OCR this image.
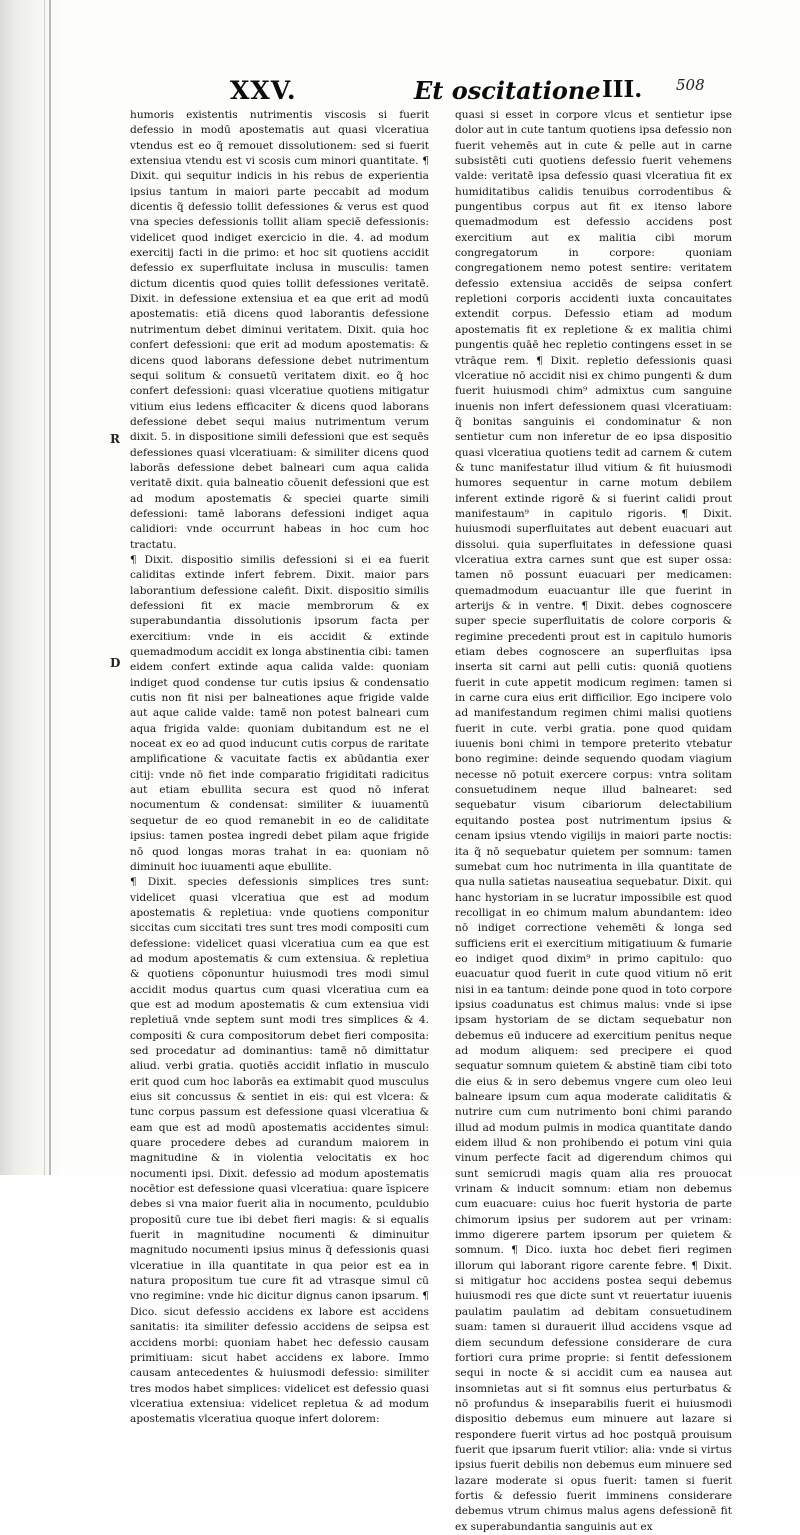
XXV.	Et oscitatione III. 508
R
D

humoris existentis nutrimentis viscosis si fuerit defessio in modū apostematis aut quasi vlceratiua vtendus est eo q̃ remouet dissolutionem: sed si fuerit extensiua vtendu est vi scosis cum minori quantitate. ¶ Dixit. qui sequitur indicis in his rebus de experientia ipsius tantum in maiori parte peccabit ad modum dicentis q̃ defessio tollit defessiones & verus est quod vna species defessionis tollit aliam speciē defessionis: videlicet quod indiget exercicio in die. 4. ad modum exercitij facti in die primo: et hoc sit quotiens accidit defessio ex superfluitate inclusa in musculis: tamen dictum dicentis quod quies tollit defessiones veritatē. Dixit. in defessione extensiua et ea que erit ad modū apostematis: etiā dicens quod laborantis defessione nutrimentum debet diminui veritatem. Dixit. quia hoc confert defessioni: que erit ad modum apostematis: & dicens quod laborans defessione debet nutrimentum sequi solitum & consuetū veritatem dixit. eo q̃ hoc confert defessioni: quasi vlceratiue quotiens mitigatur vitium eius ledens efficaciter & dicens quod laborans defessione debet sequi maius nutrimentum verum dixit. 5. in dispositione simili defessioni que est sequēs defessiones quasi vlceratiuam: & similiter dicens quod laborās defessione debet balneari cum aqua calida veritatē dixit. quia balneatio cōuenit defessioni que est ad modum apostematis & speciei quarte simili defessioni: tamē laborans defessioni indiget aqua calidiori: vnde occurrunt habeas in hoc cum hoc tractatu.

¶ Dixit. dispositio similis defessioni si ei ea fuerit caliditas extinde infert febrem. Dixit. maior pars laborantium defessione calefit. Dixit. dispositio similis defessioni fit ex macie membrorum & ex superabundantia dissolutionis ipsorum facta per exercitium: vnde in eis accidit & extinde quemadmodum accidit ex longa abstinentia cibi: tamen eidem confert extinde aqua calida valde: quoniam indiget quod condense tur cutis ipsius & condensatio cutis non fit nisi per balneationes aque frigide valde aut aque calide valde: tamē non potest balneari cum aqua frigida valde: quoniam dubitandum est ne el noceat ex eo ad quod inducunt cutis corpus de raritate amplificatione & vacuitate factis ex abūdantia exer citij: vnde nō fiet inde comparatio frigiditati radicitus aut etiam ebullita secura est quod nō inferat nocumentum & condensat: similiter & iuuamentū sequetur de eo quod remanebit in eo de caliditate ipsius: tamen postea ingredi debet pilam aque frigide nō quod longas moras trahat in ea: quoniam nō diminuit hoc iuuamenti aque ebullite.

¶ Dixit. species defessionis simplices tres sunt: videlicet quasi vlceratiua que est ad modum apostematis & repletiua: vnde quotiens componitur siccitas cum siccitati tres sunt tres modi compositi cum defessione: videlicet quasi vlceratiua cum ea que est ad modum apostematis & cum extensiua. & repletiua & quotiens cōponuntur huiusmodi tres modi simul accidit modus quartus cum quasi vlceratiua cum ea que est ad modum apostematis & cum extensiua vidi repletiuā vnde septem sunt modi tres simplices & 4. compositi & cura compositorum debet fieri composita: sed procedatur ad dominantius: tamē nō dimittatur aliud. verbi gratia. quotiēs accidit inflatio in musculo erit quod cum hoc laborās ea extimabit quod musculus eius sit concussus & sentiet in eis: qui est vlcera: & tunc corpus passum est defessione quasi vlceratiua & eam que est ad modū apostematis accidentes simul: quare procedere debes ad curandum maiorem in magnitudine & in violentia velocitatis ex hoc nocumenti ipsi. Dixit. defessio ad modum apostematis nocētior est defessione quasi vlceratiua: quare īspicere debes si vna maior fuerit alia in nocumento, pculdubio propositū cure tue ibi debet fieri magis: & si equalis fuerit in magnitudine nocumenti & diminuitur magnitudo nocumenti ipsius minus q̃ defessionis quasi vlceratiue in illa quantitate in qua peior est ea in natura propositum tue cure fit ad vtrasque simul cū vno regimine: vnde hic dicitur dignus canon ipsarum. ¶ Dico. sicut defessio accidens ex labore est accidens sanitatis: ita similiter defessio accidens de seipsa est accidens morbi: quoniam habet hec defessio causam primitiuam: sicut habet accidens ex labore. Immo causam antecedentes & huiusmodi defessio: similiter tres modos habet simplices: videlicet est defessio quasi vlceratiua extensiua: videlicet repletua & ad modum apostematis vlceratiua quoque infert dolorem:

quasi si esset in corpore vlcus et sentietur ipse dolor aut in cute tantum quotiens ipsa defessio non fuerit vehemēs aut in cute & pelle aut in carne subsistēti cuti quotiens defessio fuerit vehemens valde: veritatē ipsa defessio quasi vlceratiua fit ex humiditatibus calidis tenuibus corrodentibus & pungentibus corpus aut fit ex itenso labore quemadmodum est defessio accidens post exercitium aut ex malitia cibi morum congregatorum in corpore: quoniam congregationem nemo potest sentire: veritatem defessio extensiua accidēs de seipsa confert repletioni corporis accidenti iuxta concauitates extendit corpus. Defessio etiam ad modum apostematis fit ex repletione & ex malitia chimi pungentis quāē hec repletio contingens esset in se vtrāque rem. ¶ Dixit. repletio defessionis quasi vlceratiue nō accidit nisi ex chimo pungenti & dum fuerit huiusmodi chim⁹ admixtus cum sanguine inuenis non infert defessionem quasi vlceratiuam: q̃ bonitas sanguinis ei condominatur & non sentietur cum non inferetur de eo ipsa dispositio quasi vlceratiua quotiens tedit ad carnem & cutem & tunc manifestatur illud vitium & fit huiusmodi humores sequentur in carne motum debilem inferent extinde rigorē & si fuerint calidi prout manifestaum⁹ in capitulo rigoris. ¶ Dixit. huiusmodi superfluitates aut debent euacuari aut dissolui. quia superfluitates in defessione quasi vlceratiua extra carnes sunt que est super ossa: tamen nō possunt euacuari per medicamen: quemadmodum euacuantur ille que fuerint in arterijs & in ventre. ¶ Dixit. debes cognoscere super specie superfluitatis de colore corporis & regimine precedenti prout est in capitulo humoris etiam debes cognoscere an superfluitas ipsa inserta sit carni aut pelli cutis: quoniā quotiens fuerit in cute appetit modicum regimen: tamen si in carne cura eius erit difficilior. Ego incipere volo ad manifestandum regimen chimi malisi quotiens fuerit in cute. verbi gratia. pone quod quidam iuuenis boni chimi in tempore preterito vtebatur bono regimine: deinde sequendo quodam viagium necesse nō potuit exercere corpus: vntra solitam consuetudinem neque illud balnearet: sed sequebatur visum cibariorum delectabilium equitando postea post nutrimentum ipsius & cenam ipsius vtendo vigilijs in maiori parte noctis: ita q̃ nō sequebatur quietem per somnum: tamen sumebat cum hoc nutrimenta in illa quantitate de qua nulla satietas nauseatiua sequebatur. Dixit. qui hanc hystoriam in se lucratur impossibile est quod recolligat in eo chimum malum abundantem: ideo nō indiget correctione vehemēti & longa sed sufficiens erit ei exercitium mitigatiuum & fumarie eo indiget quod dixim⁹ in primo capitulo: quo euacuatur quod fuerit in cute quod vitium nō erit nisi in ea tantum: deinde pone quod in toto corpore ipsius coadunatus est chimus malus: vnde si ipse ipsam hystoriam de se dictam sequebatur non debemus eū inducere ad exercitium penitus neque ad modum aliquem: sed precipere ei quod sequatur somnum quietem & abstinē tiam cibi toto die eius & in sero debemus vngere cum oleo leui balneare ipsum cum aqua moderate caliditatis & nutrire cum cum nutrimento boni chimi parando illud ad modum pulmis in modica quantitate dando eidem illud & non prohibendo ei potum vini quia vinum perfecte facit ad digerendum chimos qui sunt semicrudi magis quam alia res prouocat vrinam & inducit somnum: etiam non debemus cum euacuare: cuius hoc fuerit hystoria de parte chimorum ipsius per sudorem aut per vrinam: immo digerere partem ipsorum per quietem & somnum. ¶ Dico. iuxta hoc debet fieri regimen illorum qui laborant rigore carente febre. ¶ Dixit. si mitigatur hoc accidens postea sequi debemus huiusmodi res que dicte sunt vt reuertatur iuuenis paulatim paulatim ad debitam consuetudinem suam: tamen si durauerit illud accidens vsque ad diem secundum defessione considerare de cura fortiori cura prime proprie: si fentit defessionem sequi in nocte & si accidit cum ea nausea aut insomnietas aut si fit somnus eius perturbatus & nō profundus & inseparabilis fuerit ei huiusmodi dispositio debemus eum minuere aut lazare si respondere fuerit virtus ad hoc postquā prouisum fuerit que ipsarum fuerit vtilior: alia: vnde si virtus ipsius fuerit debilis non debemus eum minuere sed lazare moderate si opus fuerit: tamen si fuerit fortis & defessio fuerit imminens considerare debemus vtrum chimus malus agens defessionē fit ex superabundantia sanguinis aut ex
